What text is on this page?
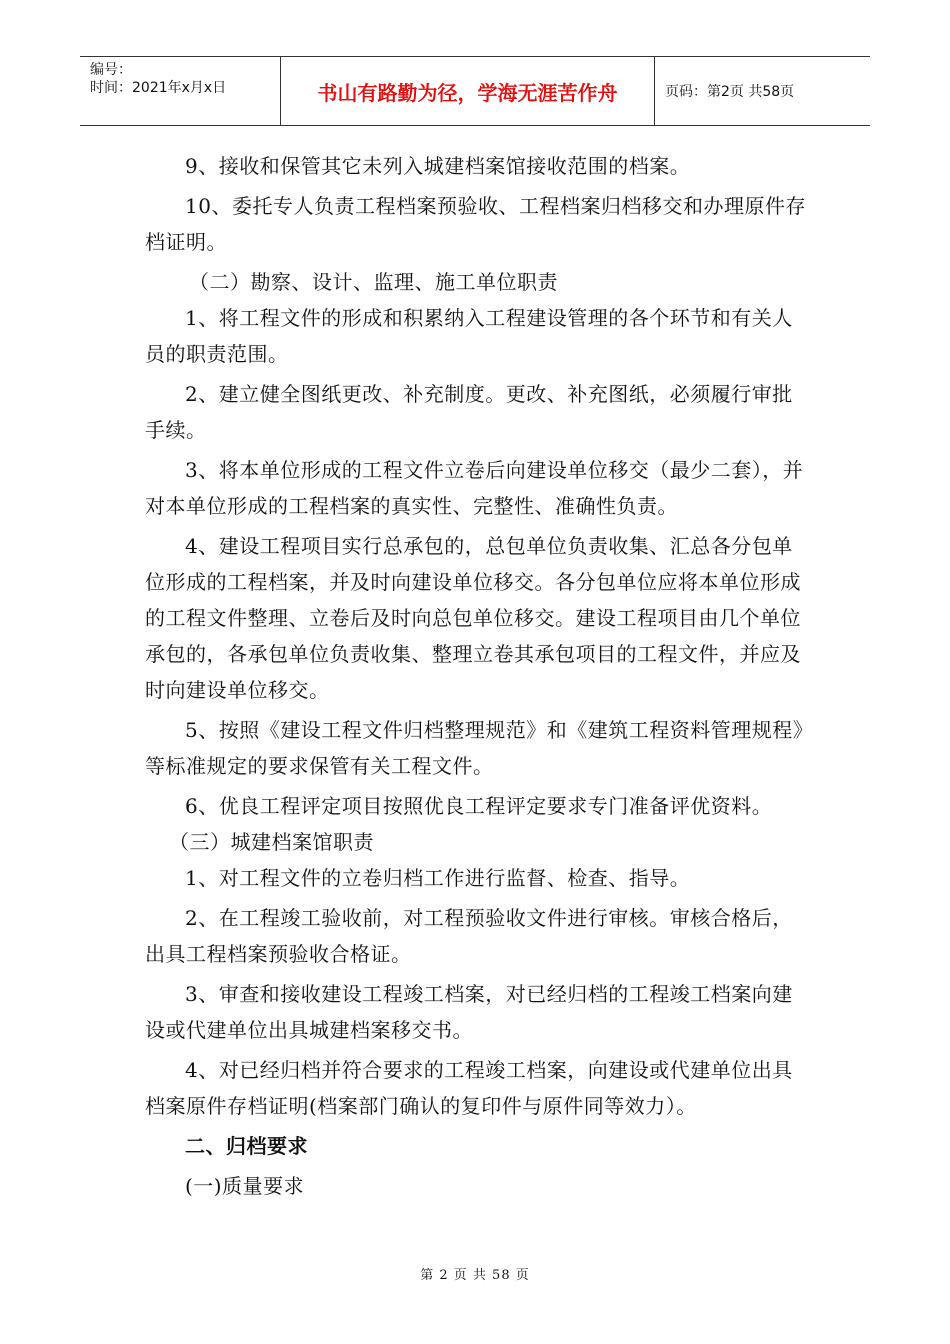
编号：
时间：2021年x月x日	书山有路勤为径，学海无涯苦作舟	页码：第2页 共58页

9、接收和保管其它未列入城建档案馆接收范围的档案。

10、委托专人负责工程档案预验收、工程档案归档移交和办理原件存档证明。

（二）勘察、设计、监理、施工单位职责

1、将工程文件的形成和积累纳入工程建设管理的各个环节和有关人员的职责范围。

2、建立健全图纸更改、补充制度。更改、补充图纸，必须履行审批手续。

3、将本单位形成的工程文件立卷后向建设单位移交（最少二套），并对本单位形成的工程档案的真实性、完整性、准确性负责。

4、建设工程项目实行总承包的，总包单位负责收集、汇总各分包单位形成的工程档案，并及时向建设单位移交。各分包单位应将本单位形成的工程文件整理、立卷后及时向总包单位移交。建设工程项目由几个单位承包的，各承包单位负责收集、整理立卷其承包项目的工程文件，并应及时向建设单位移交。

5、按照《建设工程文件归档整理规范》和《建筑工程资料管理规程》等标准规定的要求保管有关工程文件。

6、优良工程评定项目按照优良工程评定要求专门准备评优资料。

（三）城建档案馆职责

1、对工程文件的立卷归档工作进行监督、检查、指导。

2、在工程竣工验收前，对工程预验收文件进行审核。审核合格后，出具工程档案预验收合格证。

3、审查和接收建设工程竣工档案，对已经归档的工程竣工档案向建设或代建单位出具城建档案移交书。

4、对已经归档并符合要求的工程竣工档案，向建设或代建单位出具档案原件存档证明(档案部门确认的复印件与原件同等效力）。

二、归档要求

(一)质量要求

第 2 页 共 58 页
